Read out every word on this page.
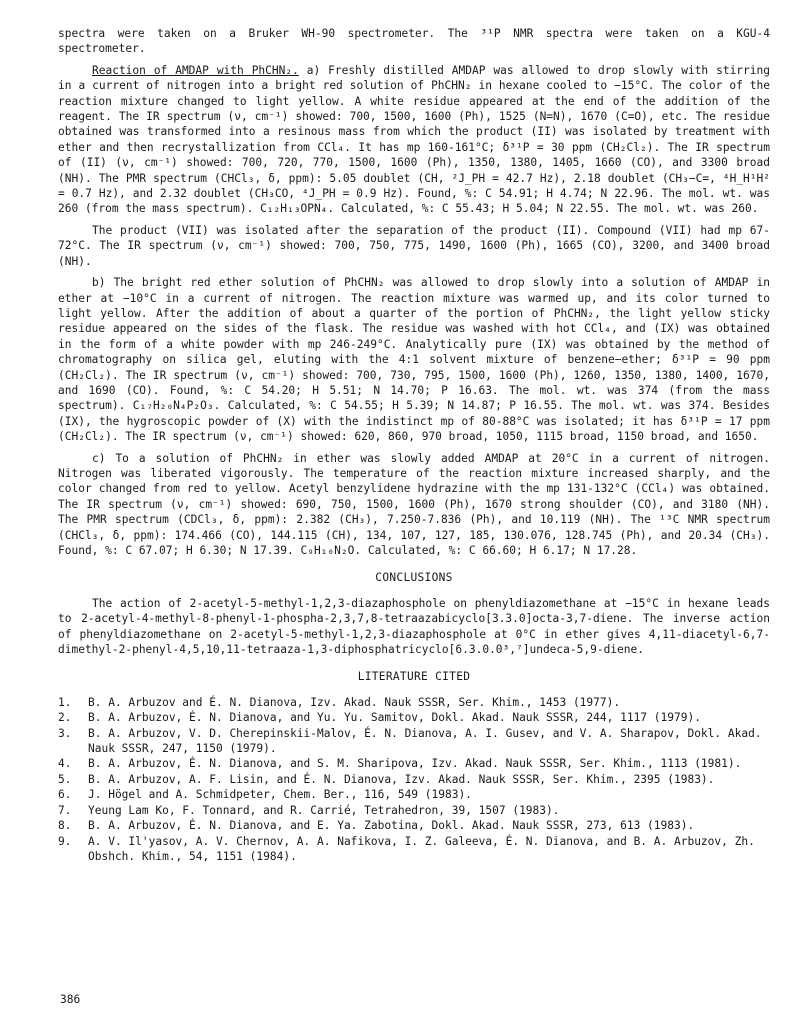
spectra were taken on a Bruker WH-90 spectrometer. The ³¹P NMR spectra were taken on a KGU-4 spectrometer.

Reaction of AMDAP with PhCHN₂. a) Freshly distilled AMDAP was allowed to drop slowly with stirring in a current of nitrogen into a bright red solution of PhCHN₂ in hexane cooled to −15°C. The color of the reaction mixture changed to light yellow. A white residue appeared at the end of the addition of the reagent. The IR spectrum (ν, cm⁻¹) showed: 700, 1500, 1600 (Ph), 1525 (N=N), 1670 (C=O), etc. The residue obtained was transformed into a resinous mass from which the product (II) was isolated by treatment with ether and then recrystallization from CCl₄. It has mp 160-161°C; δ³¹P = 30 ppm (CH₂Cl₂). The IR spectrum of (II) (ν, cm⁻¹) showed: 700, 720, 770, 1500, 1600 (Ph), 1350, 1380, 1405, 1660 (CO), and 3300 broad (NH). The PMR spectrum (CHCl₃, δ, ppm): 5.05 doublet (CH, ²J_PH = 42.7 Hz), 2.18 doublet (CH₃−C=, ⁴H_H¹H² = 0.7 Hz), and 2.32 doublet (CH₃CO, ⁴J_PH = 0.9 Hz). Found, %: C 54.91; H 4.74; N 22.96. The mol. wt. was 260 (from the mass spectrum). C₁₂H₁₃OPN₄. Calculated, %: C 55.43; H 5.04; N 22.55. The mol. wt. was 260.

The product (VII) was isolated after the separation of the product (II). Compound (VII) had mp 67-72°C. The IR spectrum (ν, cm⁻¹) showed: 700, 750, 775, 1490, 1600 (Ph), 1665 (CO), 3200, and 3400 broad (NH).

b) The bright red ether solution of PhCHN₂ was allowed to drop slowly into a solution of AMDAP in ether at −10°C in a current of nitrogen. The reaction mixture was warmed up, and its color turned to light yellow. After the addition of about a quarter of the portion of PhCHN₂, the light yellow sticky residue appeared on the sides of the flask. The residue was washed with hot CCl₄, and (IX) was obtained in the form of a white powder with mp 246-249°C. Analytically pure (IX) was obtained by the method of chromatography on silica gel, eluting with the 4:1 solvent mixture of benzene−ether; δ³¹P = 90 ppm (CH₂Cl₂). The IR spectrum (ν, cm⁻¹) showed: 700, 730, 795, 1500, 1600 (Ph), 1260, 1350, 1380, 1400, 1670, and 1690 (CO). Found, %: C 54.20; H 5.51; N 14.70; P 16.63. The mol. wt. was 374 (from the mass spectrum). C₁₇H₂₀N₄P₂O₃. Calculated, %: C 54.55; H 5.39; N 14.87; P 16.55. The mol. wt. was 374. Besides (IX), the hygroscopic powder of (X) with the indistinct mp of 80-88°C was isolated; it has δ³¹P = 17 ppm (CH₂Cl₂). The IR spectrum (ν, cm⁻¹) showed: 620, 860, 970 broad, 1050, 1115 broad, 1150 broad, and 1650.

c) To a solution of PhCHN₂ in ether was slowly added AMDAP at 20°C in a current of nitrogen. Nitrogen was liberated vigorously. The temperature of the reaction mixture increased sharply, and the color changed from red to yellow. Acetyl benzylidene hydrazine with the mp 131-132°C (CCl₄) was obtained. The IR spectrum (ν, cm⁻¹) showed: 690, 750, 1500, 1600 (Ph), 1670 strong shoulder (CO), and 3180 (NH). The PMR spectrum (CDCl₃, δ, ppm): 2.382 (CH₃), 7.250-7.836 (Ph), and 10.119 (NH). The ¹³C NMR spectrum (CHCl₃, δ, ppm): 174.466 (CO), 144.115 (CH), 134, 107, 127, 185, 130.076, 128.745 (Ph), and 20.34 (CH₃). Found, %: C 67.07; H 6.30; N 17.39. C₉H₁₀N₂O. Calculated, %: C 66.60; H 6.17; N 17.28.

CONCLUSIONS

The action of 2-acetyl-5-methyl-1,2,3-diazaphosphole on phenyldiazomethane at −15°C in hexane leads to 2-acetyl-4-methyl-8-phenyl-1-phospha-2,3,7,8-tetraazabicyclo[3.3.0]octa-3,7-diene. The inverse action of phenyldiazomethane on 2-acetyl-5-methyl-1,2,3-diazaphosphole at 0°C in ether gives 4,11-diacetyl-6,7-dimethyl-2-phenyl-4,5,10,11-tetraaza-1,3-diphosphatricyclo[6.3.0.0³,⁷]undeca-5,9-diene.

LITERATURE CITED
1.	B. A. Arbuzov and É. N. Dianova, Izv. Akad. Nauk SSSR, Ser. Khim., 1453 (1977).
2.	B. A. Arbuzov, É. N. Dianova, and Yu. Yu. Samitov, Dokl. Akad. Nauk SSSR, 244, 1117 (1979).
3.	B. A. Arbuzov, V. D. Cherepinskii-Malov, É. N. Dianova, A. I. Gusev, and V. A. Sharapov, Dokl. Akad. Nauk SSSR, 247, 1150 (1979).
4.	B. A. Arbuzov, É. N. Dianova, and S. M. Sharipova, Izv. Akad. Nauk SSSR, Ser. Khim., 1113 (1981).
5.	B. A. Arbuzov, A. F. Lisin, and É. N. Dianova, Izv. Akad. Nauk SSSR, Ser. Khim., 2395 (1983).
6.	J. Högel and A. Schmidpeter, Chem. Ber., 116, 549 (1983).
7.	Yeung Lam Ko, F. Tonnard, and R. Carrié, Tetrahedron, 39, 1507 (1983).
8.	B. A. Arbuzov, É. N. Dianova, and E. Ya. Zabotina, Dokl. Akad. Nauk SSSR, 273, 613 (1983).
9.	A. V. Il'yasov, A. V. Chernov, A. A. Nafikova, I. Z. Galeeva, É. N. Dianova, and B. A. Arbuzov, Zh. Obshch. Khim., 54, 1151 (1984).
386
